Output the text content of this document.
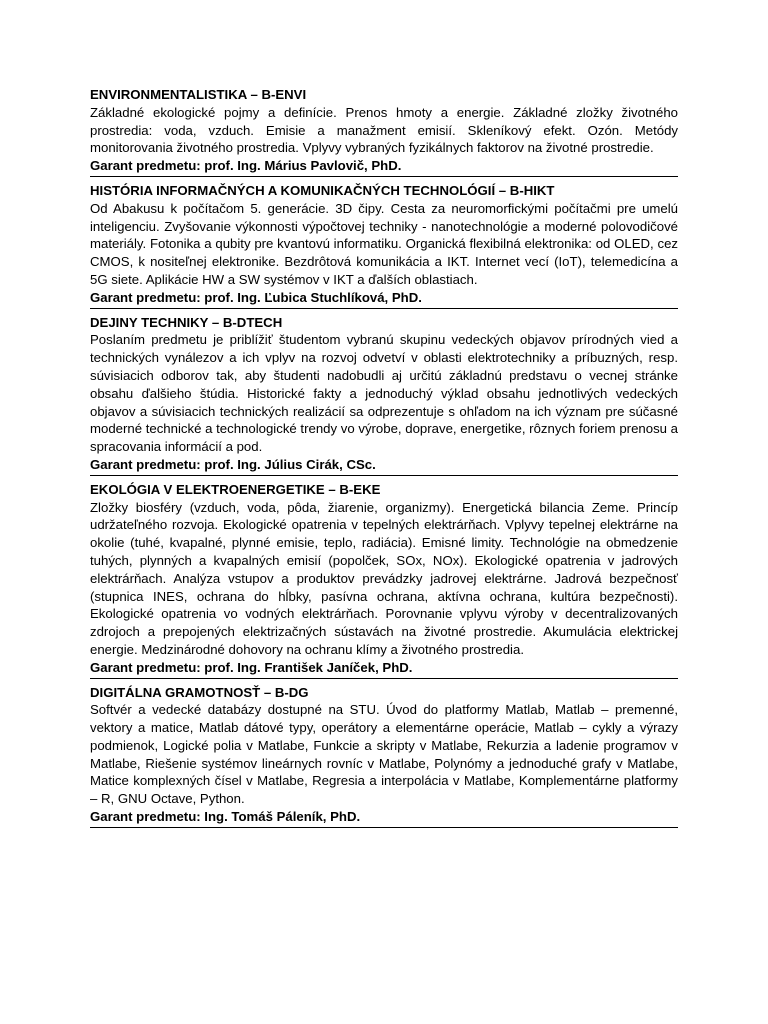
ENVIRONMENTALISTIKA – B-ENVI

Základné ekologické pojmy a definície. Prenos hmoty a energie. Základné zložky životného prostredia: voda, vzduch. Emisie a manažment emisií. Skleníkový efekt. Ozón. Metódy monitorovania životného prostredia. Vplyvy vybraných fyzikálnych faktorov na životné prostredie.

Garant predmetu: prof. Ing. Márius Pavlovič, PhD.

HISTÓRIA INFORMAČNÝCH A KOMUNIKAČNÝCH TECHNOLÓGIÍ – B-HIKT

Od Abakusu k počítačom 5. generácie. 3D čipy. Cesta za neuromorfickými počítačmi pre umelú inteligenciu. Zvyšovanie výkonnosti výpočtovej techniky - nanotechnológie a moderné polovodičové materiály. Fotonika a qubity pre kvantovú informatiku. Organická flexibilná elektronika: od OLED, cez CMOS, k nositeľnej elektronike. Bezdrôtová komunikácia a IKT. Internet vecí (IoT), telemedicína a 5G siete. Aplikácie HW a SW systémov v IKT a ďalších oblastiach.

Garant predmetu: prof. Ing. Ľubica Stuchlíková, PhD.

DEJINY TECHNIKY – B-DTECH

Poslaním predmetu je priblížiť študentom vybranú skupinu vedeckých objavov prírodných vied a technických vynálezov a ich vplyv na rozvoj odvetví v oblasti elektrotechniky a príbuzných, resp. súvisiacich odborov tak, aby študenti nadobudli aj určitú základnú predstavu o vecnej stránke obsahu ďalšieho štúdia. Historické fakty a jednoduchý výklad obsahu jednotlivých vedeckých objavov a súvisiacich technických realizácií sa odprezentuje s ohľadom na ich význam pre súčasné moderné technické a technologické trendy vo výrobe, doprave, energetike, rôznych foriem prenosu a spracovania informácií a pod.

Garant predmetu: prof. Ing. Július Cirák, CSc.

EKOLÓGIA V ELEKTROENERGETIKE – B-EKE

Zložky biosféry (vzduch, voda, pôda, žiarenie, organizmy). Energetická bilancia Zeme. Princíp udržateľného rozvoja. Ekologické opatrenia v tepelných elektrárňach. Vplyvy tepelnej elektrárne na okolie (tuhé, kvapalné, plynné emisie, teplo, radiácia). Emisné limity. Technológie na obmedzenie tuhých, plynných a kvapalných emisií (popolček, SOx, NOx). Ekologické opatrenia v jadrových elektrárňach. Analýza vstupov a produktov prevádzky jadrovej elektrárne. Jadrová bezpečnosť (stupnica INES, ochrana do hĺbky, pasívna ochrana, aktívna ochrana, kultúra bezpečnosti). Ekologické opatrenia vo vodných elektrárňach. Porovnanie vplyvu výroby v decentralizovaných zdrojoch a prepojených elektrizačných sústavách na životné prostredie. Akumulácia elektrickej energie. Medzinárodné dohovory na ochranu klímy a životného prostredia.

Garant predmetu: prof. Ing. František Janíček, PhD.

DIGITÁLNA GRAMOTNOSŤ – B-DG

Softvér a vedecké databázy dostupné na STU. Úvod do platformy Matlab, Matlab – premenné, vektory a matice, Matlab dátové typy, operátory a elementárne operácie, Matlab – cykly a výrazy podmienok, Logické polia v Matlabe, Funkcie a skripty v Matlabe, Rekurzia a ladenie programov v Matlabe, Riešenie systémov lineárnych rovníc v Matlabe, Polynómy a jednoduché grafy v Matlabe, Matice komplexných čísel v Matlabe, Regresia a interpolácia v Matlabe, Komplementárne platformy – R, GNU Octave, Python.

Garant predmetu: Ing. Tomáš Páleník, PhD.
